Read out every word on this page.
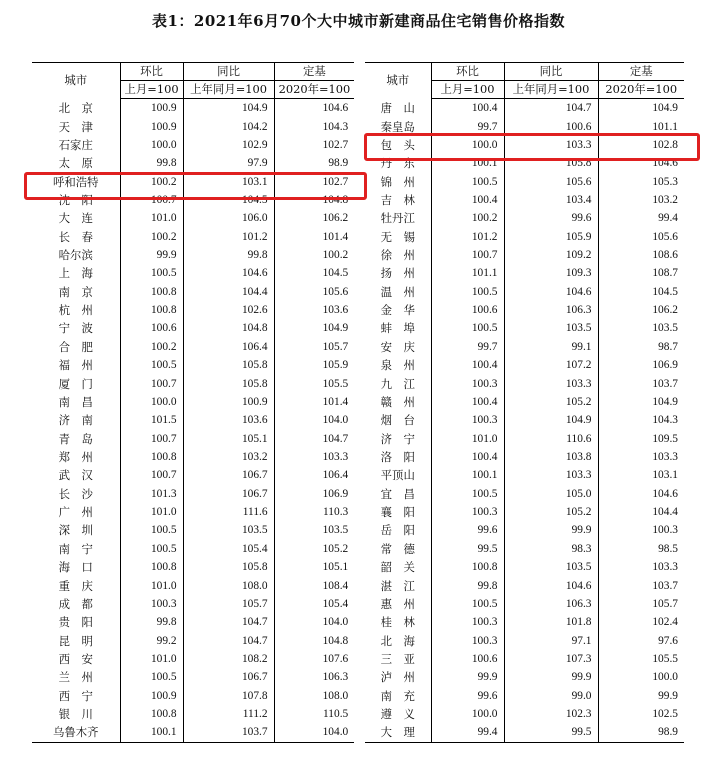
表1：2021年6月70个大中城市新建商品住宅销售价格指数
城市	环比	同比	定基
	上月=100	上年同月=100	2020年=100
北　京	100.9	104.9	104.6
天　津	100.9	104.2	104.3
石家庄	100.0	102.9	102.7
太　原	99.8	97.9	98.9
呼和浩特	100.2	103.1	102.7
沈　阳	100.7	104.5	104.8
大　连	101.0	106.0	106.2
长　春	100.2	101.2	101.4
哈尔滨	99.9	99.8	100.2
上　海	100.5	104.6	104.5
南　京	100.8	104.4	105.6
杭　州	100.8	102.6	103.6
宁　波	100.6	104.8	104.9
合　肥	100.2	106.4	105.7
福　州	100.5	105.8	105.9
厦　门	100.7	105.8	105.5
南　昌	100.0	100.9	101.4
济　南	101.5	103.6	104.0
青　岛	100.7	105.1	104.7
郑　州	100.8	103.2	103.3
武　汉	100.7	106.7	106.4
长　沙	101.3	106.7	106.9
广　州	101.0	111.6	110.3
深　圳	100.5	103.5	103.5
南　宁	100.5	105.4	105.2
海　口	100.8	105.8	105.1
重　庆	101.0	108.0	108.4
成　都	100.3	105.7	105.4
贵　阳	99.8	104.7	104.0
昆　明	99.2	104.7	104.8
西　安	101.0	108.2	107.6
兰　州	100.5	106.7	106.3
西　宁	100.9	107.8	108.0
银　川	100.8	111.2	110.5
乌鲁木齐	100.1	103.7	104.0
城市	环比	同比	定基
	上月=100	上年同月=100	2020年=100
唐　山	100.4	104.7	104.9
秦皇岛	99.7	100.6	101.1
包　头	100.0	103.3	102.8
丹　东	100.1	105.8	104.6
锦　州	100.5	105.6	105.3
吉　林	100.4	103.4	103.2
牡丹江	100.2	99.6	99.4
无　锡	101.2	105.9	105.6
徐　州	100.7	109.2	108.6
扬　州	101.1	109.3	108.7
温　州	100.5	104.6	104.5
金　华	100.6	106.3	106.2
蚌　埠	100.5	103.5	103.5
安　庆	99.7	99.1	98.7
泉　州	100.4	107.2	106.9
九　江	100.3	103.3	103.7
赣　州	100.4	105.2	104.9
烟　台	100.3	104.9	104.3
济　宁	101.0	110.6	109.5
洛　阳	100.4	103.8	103.3
平顶山	100.1	103.3	103.1
宜　昌	100.5	105.0	104.6
襄　阳	100.3	105.2	104.4
岳　阳	99.6	99.9	100.3
常　德	99.5	98.3	98.5
韶　关	100.8	103.5	103.3
湛　江	99.8	104.6	103.7
惠　州	100.5	106.3	105.7
桂　林	100.3	101.8	102.4
北　海	100.3	97.1	97.6
三　亚	100.6	107.3	105.5
泸　州	99.9	99.9	100.0
南　充	99.6	99.0	99.9
遵　义	100.0	102.3	102.5
大　理	99.4	99.5	98.9
